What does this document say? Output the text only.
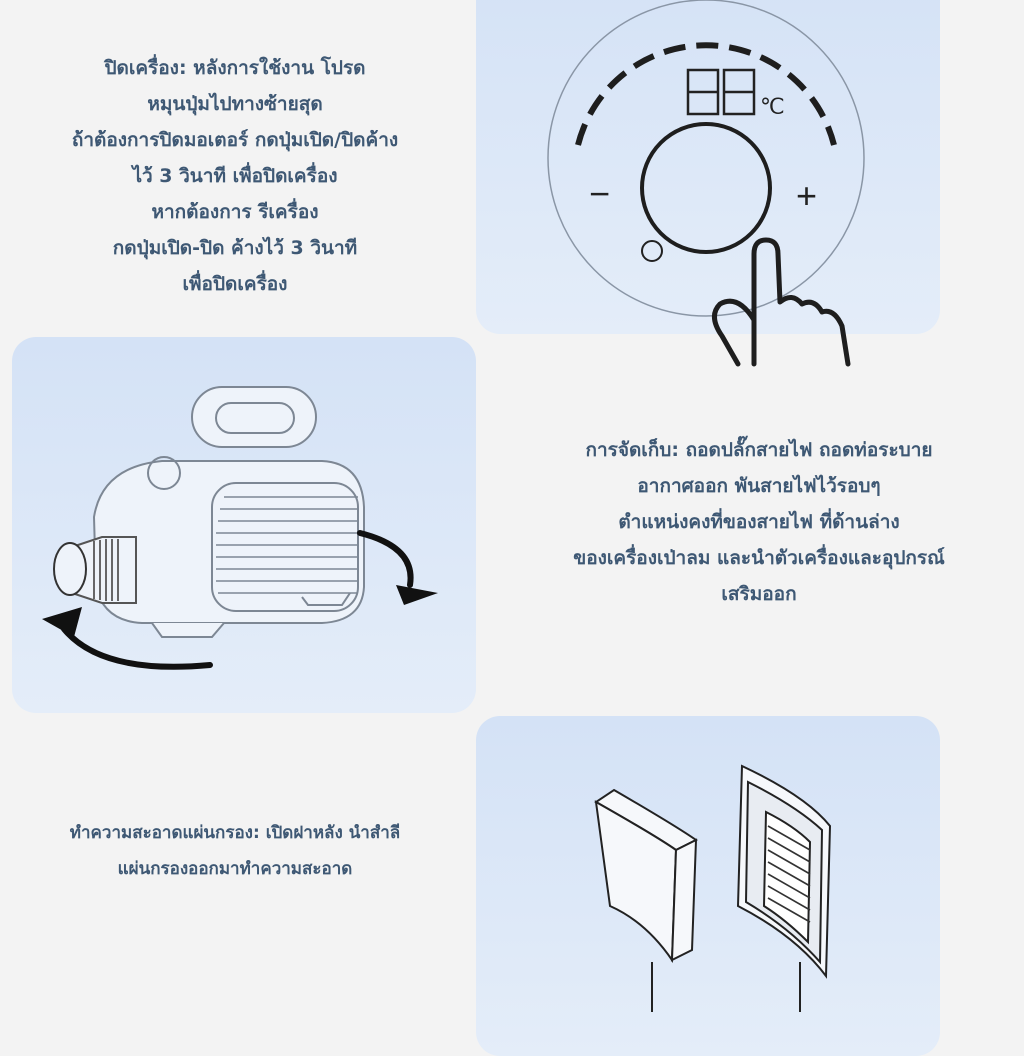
℃
−	+
ปิดเครื่อง: หลังการใช้งาน โปรด
หมุนปุ่มไปทางซ้ายสุด
ถ้าต้องการปิดมอเตอร์ กดปุ่มเปิด/ปิดค้าง
ไว้ 3 วินาที เพื่อปิดเครื่อง
หากต้องการ รีเครื่อง
กดปุ่มเปิด-ปิด ค้างไว้ 3 วินาที
เพื่อปิดเครื่อง
การจัดเก็บ: ถอดปลั๊กสายไฟ ถอดท่อระบาย
อากาศออก พันสายไฟไว้รอบๆ
ตำแหน่งคงที่ของสายไฟ ที่ด้านล่าง
ของเครื่องเป่าลม และนำตัวเครื่องและอุปกรณ์
เสริมออก
ทำความสะอาดแผ่นกรอง: เปิดฝาหลัง นำสำลี
แผ่นกรองออกมาทำความสะอาด
